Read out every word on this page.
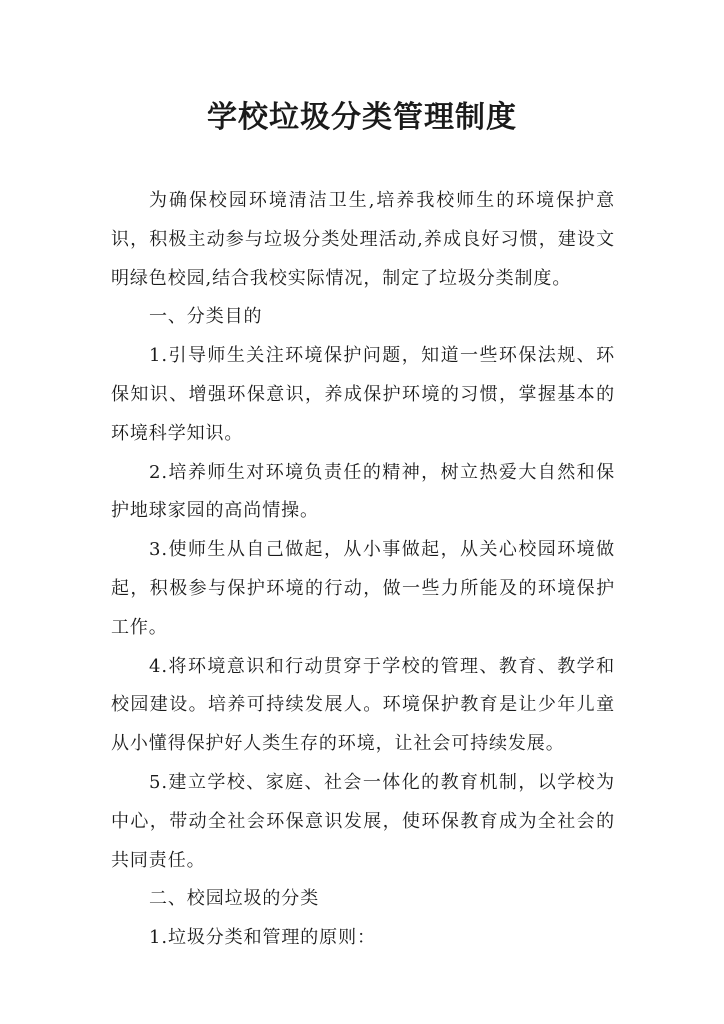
学校垃圾分类管理制度

为确保校园环境清洁卫生,培养我校师生的环境保护意识，积极主动参与垃圾分类处理活动,养成良好习惯，建设文明绿色校园,结合我校实际情况，制定了垃圾分类制度。

一、分类目的

1.引导师生关注环境保护问题，知道一些环保法规、环保知识、增强环保意识，养成保护环境的习惯，掌握基本的环境科学知识。

2.培养师生对环境负责任的精神，树立热爱大自然和保护地球家园的高尚情操。

3.使师生从自己做起，从小事做起，从关心校园环境做起，积极参与保护环境的行动，做一些力所能及的环境保护工作。

4.将环境意识和行动贯穿于学校的管理、教育、教学和校园建设。培养可持续发展人。环境保护教育是让少年儿童从小懂得保护好人类生存的环境，让社会可持续发展。

5.建立学校、家庭、社会一体化的教育机制，以学校为中心，带动全社会环保意识发展，使环保教育成为全社会的共同责任。

二、校园垃圾的分类

1.垃圾分类和管理的原则：
